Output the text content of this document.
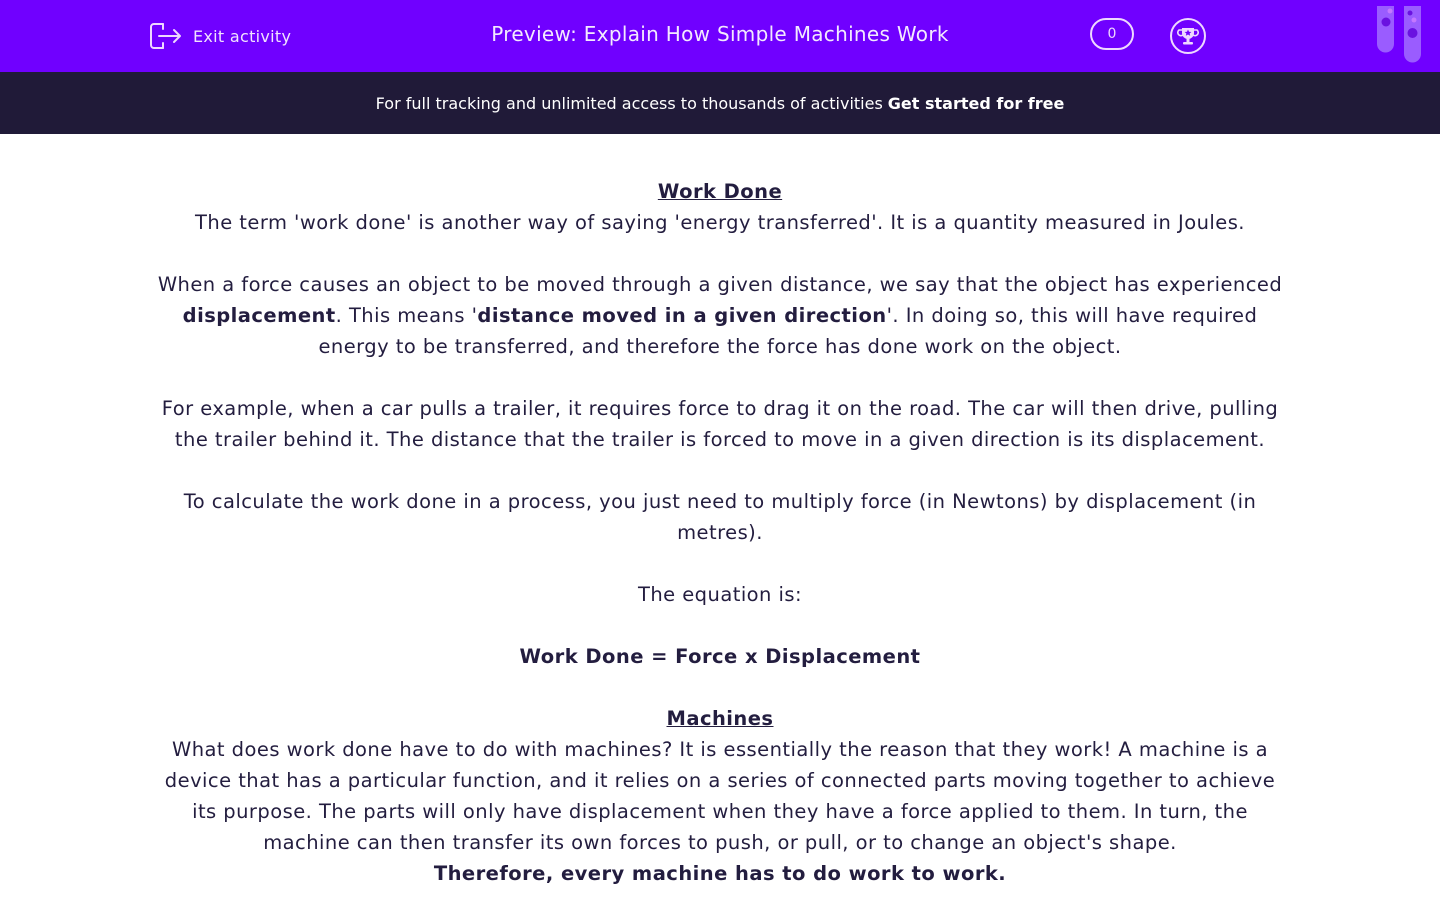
Exit activity	Preview: Explain How Simple Machines Work	0
For full tracking and unlimited access to thousands of activities Get started for free

Work Done

The term 'work done' is another way of saying 'energy transferred'. It is a quantity measured in Joules.

When a force causes an object to be moved through a given distance, we say that the object has experienced displacement. This means 'distance moved in a given direction'. In doing so, this will have required energy to be transferred, and therefore the force has done work on the object.

For example, when a car pulls a trailer, it requires force to drag it on the road. The car will then drive, pulling the trailer behind it. The distance that the trailer is forced to move in a given direction is its displacement.

To calculate the work done in a process, you just need to multiply force (in Newtons) by displacement (in metres).

The equation is:

Work Done = Force x Displacement

Machines

What does work done have to do with machines? It is essentially the reason that they work! A machine is a device that has a particular function, and it relies on a series of connected parts moving together to achieve its purpose. The parts will only have displacement when they have a force applied to them. In turn, the machine can then transfer its own forces to push, or pull, or to change an object's shape.

Therefore, every machine has to do work to work.
